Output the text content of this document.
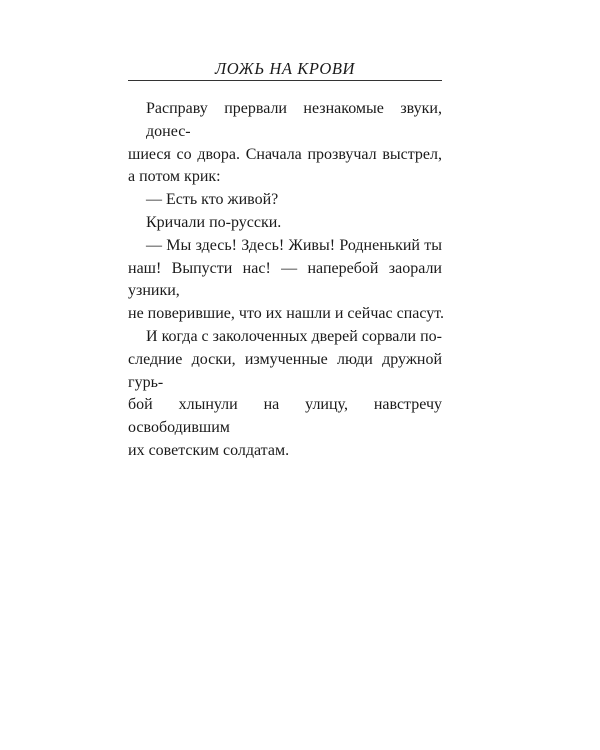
ЛОЖЬ НА КРОВИ
Расправу прервали незнакомые звуки, донес-
шиеся со двора. Сначала прозвучал выстрел,
а потом крик:
— Есть кто живой?
Кричали по-русски.
— Мы здесь! Здесь! Живы! Родненький ты
наш! Выпусти нас! — наперебой заорали узники,
не поверившие, что их нашли и сейчас спасут.
И когда с заколоченных дверей сорвали по-
следние доски, измученные люди дружной гурь-
бой хлынули на улицу, навстречу освободившим
их советским солдатам.
